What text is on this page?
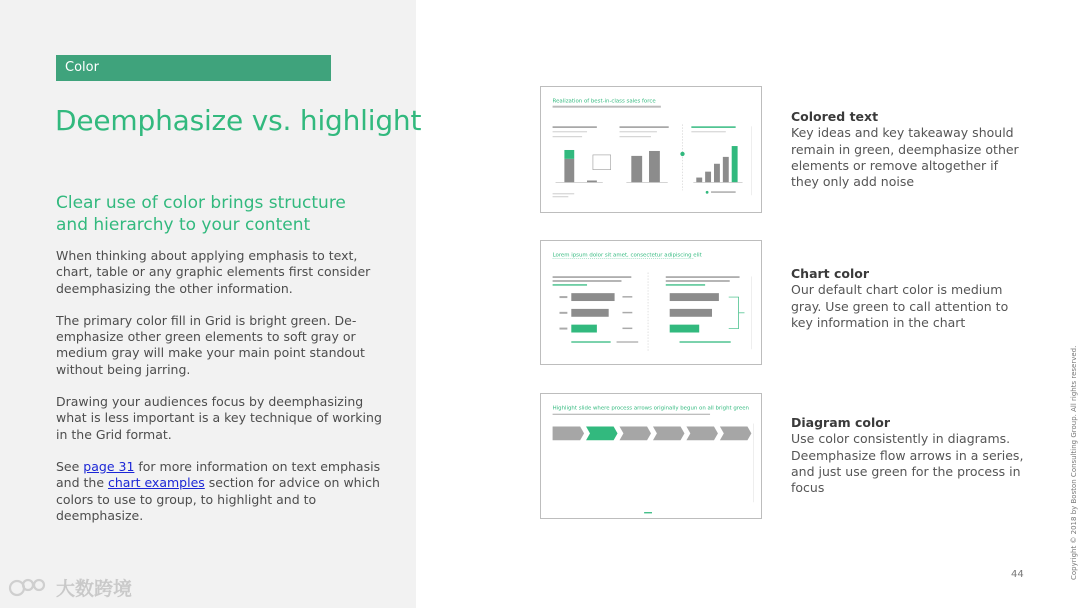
Color
Deemphasize vs. highlight
Clear use of color brings structure and hierarchy to your content

When thinking about applying emphasis to text, chart, table or any graphic elements first consider deemphasizing the other information.

The primary color fill in Grid is bright green. De-emphasize other green elements to soft gray or medium gray will make your main point standout without being jarring.

Drawing your audiences focus by deemphasizing what is less important is a key technique of working in the Grid format.

See page 31 for more information on text emphasis and the chart examples section for advice on which colors to use to group, to highlight and to deemphasize.

大数跨境
Realization of best-in-class sales force
Lorem ipsum dolor sit amet, consectetur adipiscing elit
Highlight slide where process arrows originally begun on all bright green
Colored text
Key ideas and key takeaway should remain in green, deemphasize other elements or remove altogether if they only add noise
Chart color
Our default chart color is medium gray. Use green to call attention to key information in the chart
Diagram color
Use color consistently in diagrams. Deemphasize flow arrows in a series, and just use green for the process in focus
44	Copyright © 2018 by Boston Consulting Group. All rights reserved.
